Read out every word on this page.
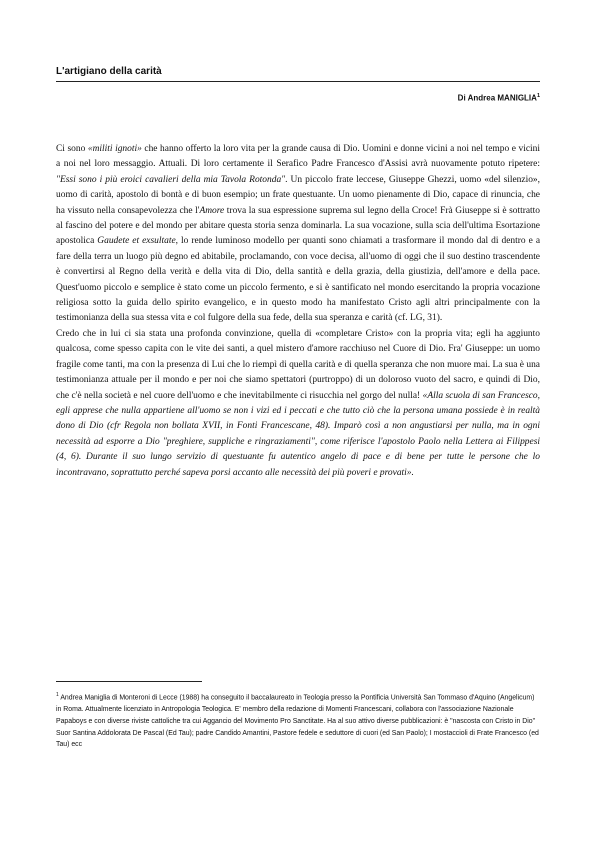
L'artigiano della carità
Di Andrea MANIGLIA$^1$

Ci sono «militi ignoti» che hanno offerto la loro vita per la grande causa di Dio. Uomini e donne vicini a noi nel tempo e vicini a noi nel loro messaggio. Attuali. Di loro certamente il Serafico Padre Francesco d'Assisi avrà nuovamente potuto ripetere: "Essi sono i più eroici cavalieri della mia Tavola Rotonda". Un piccolo frate leccese, Giuseppe Ghezzi, uomo «del silenzio», uomo di carità, apostolo di bontà e di buon esempio; un frate questuante. Un uomo pienamente di Dio, capace di rinuncia, che ha vissuto nella consapevolezza che l'Amore trova la sua espressione suprema sul legno della Croce! Frà Giuseppe si è sottratto al fascino del potere e del mondo per abitare questa storia senza dominarla. La sua vocazione, sulla scia dell'ultima Esortazione apostolica Gaudete et exsultate, lo rende luminoso modello per quanti sono chiamati a trasformare il mondo dal di dentro e a fare della terra un luogo più degno ed abitabile, proclamando, con voce decisa, all'uomo di oggi che il suo destino trascendente è convertirsi al Regno della verità e della vita di Dio, della santità e della grazia, della giustizia, dell'amore e della pace. Quest'uomo piccolo e semplice è stato come un piccolo fermento, e si è santificato nel mondo esercitando la propria vocazione religiosa sotto la guida dello spirito evangelico, e in questo modo ha manifestato Cristo agli altri principalmente con la testimonianza della sua stessa vita e col fulgore della sua fede, della sua speranza e carità (cf. LG, 31).

Credo che in lui ci sia stata una profonda convinzione, quella di «completare Cristo» con la propria vita; egli ha aggiunto qualcosa, come spesso capita con le vite dei santi, a quel mistero d'amore racchiuso nel Cuore di Dio. Fra' Giuseppe: un uomo fragile come tanti, ma con la presenza di Lui che lo riempì di quella carità e di quella speranza che non muore mai. La sua è una testimonianza attuale per il mondo e per noi che siamo spettatori (purtroppo) di un doloroso vuoto del sacro, e quindi di Dio, che c'è nella società e nel cuore dell'uomo e che inevitabilmente ci risucchia nel gorgo del nulla! «Alla scuola di san Francesco, egli apprese che nulla appartiene all'uomo se non i vizi ed i peccati e che tutto ciò che la persona umana possiede è in realtà dono di Dio (cfr Regola non bollata XVII, in Fonti Francescane, 48). Imparò così a non angustiarsi per nulla, ma in ogni necessità ad esporre a Dio "preghiere, suppliche e ringraziamenti", come riferisce l'apostolo Paolo nella Lettera ai Filippesi (4, 6). Durante il suo lungo servizio di questuante fu autentico angelo di pace e di bene per tutte le persone che lo incontravano, soprattutto perché sapeva porsi accanto alle necessità dei più poveri e provati».

$^1$ Andrea Maniglia di Monteroni di Lecce (1988) ha conseguito il baccalaureato in Teologia presso la Pontificia Università San Tommaso d'Aquino (Angelicum) in Roma. Attualmente licenziato in Antropologia Teologica. E' membro della redazione di Momenti Francescani, collabora con l'associazione Nazionale Papaboys e con diverse riviste cattoliche tra cui Aggancio del Movimento Pro Sanctitate. Ha al suo attivo diverse pubblicazioni: è "nascosta con Cristo in Dio" Suor Santina Addolorata De Pascal (Ed Tau); padre Candido Amantini, Pastore fedele e seduttore di cuori (ed San Paolo); I mostaccioli di Frate Francesco (ed Tau) ecc
